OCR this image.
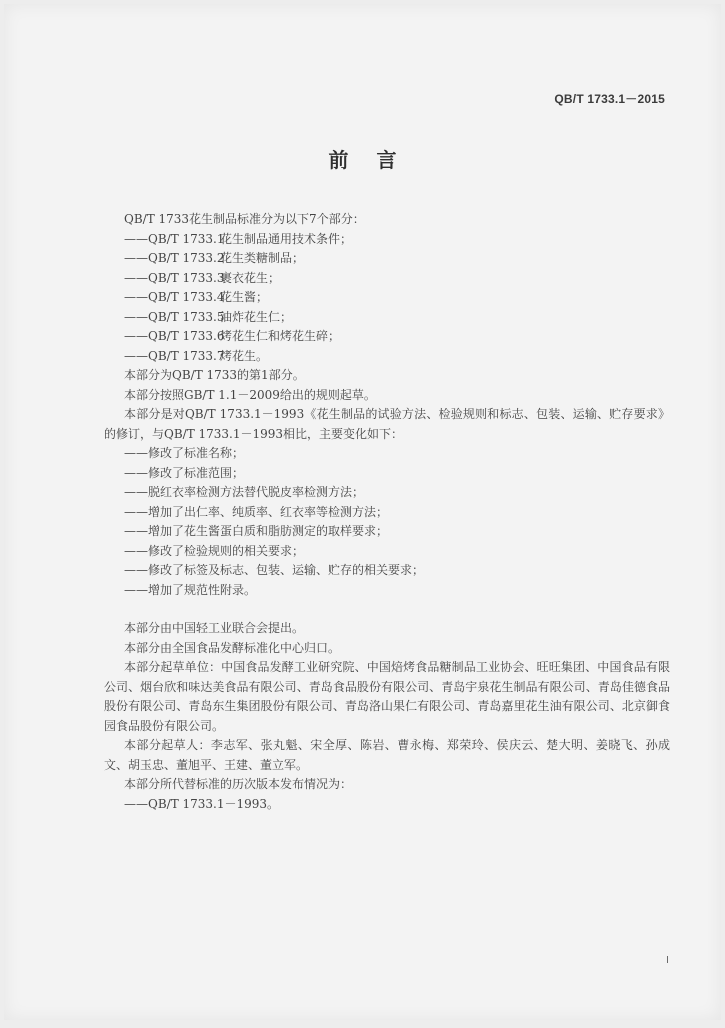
QB/T 1733.1－2015
前言
QB/T 1733花生制品标准分为以下7个部分：
——QB/T 1733.1花生制品通用技术条件；
——QB/T 1733.2花生类糖制品；
——QB/T 1733.3裹衣花生；
——QB/T 1733.4花生酱；
——QB/T 1733.5油炸花生仁；
——QB/T 1733.6烤花生仁和烤花生碎；
——QB/T 1733.7烤花生。
本部分为QB/T 1733的第1部分。
本部分按照GB/T 1.1－2009给出的规则起草。
本部分是对QB/T 1733.1－1993《花生制品的试验方法、检验规则和标志、包装、运输、贮存要求》的修订，与QB/T 1733.1－1993相比，主要变化如下：
——修改了标准名称；
——修改了标准范围；
——脱红衣率检测方法替代脱皮率检测方法；
——增加了出仁率、纯质率、红衣率等检测方法；
——增加了花生酱蛋白质和脂肪测定的取样要求；
——修改了检验规则的相关要求；
——修改了标签及标志、包装、运输、贮存的相关要求；
——增加了规范性附录。
本部分由中国轻工业联合会提出。
本部分由全国食品发酵标准化中心归口。
本部分起草单位：中国食品发酵工业研究院、中国焙烤食品糖制品工业协会、旺旺集团、中国食品有限公司、烟台欣和味达美食品有限公司、青岛食品股份有限公司、青岛宇泉花生制品有限公司、青岛佳德食品股份有限公司、青岛东生集团股份有限公司、青岛洛山果仁有限公司、青岛嘉里花生油有限公司、北京御食园食品股份有限公司。
本部分起草人：李志军、张丸魁、宋全厚、陈岩、曹永梅、郑荣玲、侯庆云、楚大明、姜晓飞、孙成文、胡玉忠、董旭平、王建、董立军。
本部分所代替标准的历次版本发布情况为：
——QB/T 1733.1－1993。
I
